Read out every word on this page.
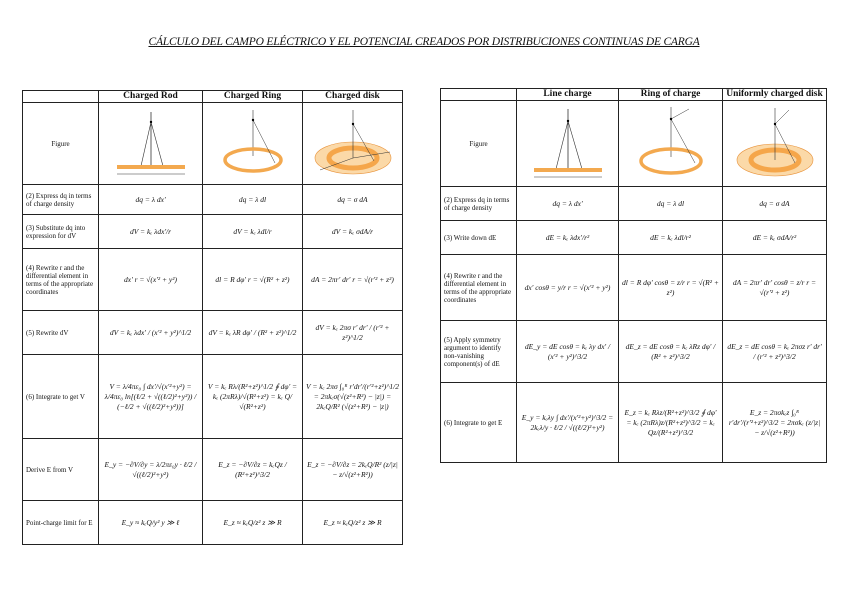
CÁLCULO DEL CAMPO ELÉCTRICO Y EL POTENCIAL CREADOS POR DISTRIBUCIONES CONTINUAS DE CARGA
	Charged Rod	Charged Ring	Charged disk
Figure	

(2) Express dq in terms of charge density	dq = λ dx'	dq = λ dl	dq = σ dA
(3) Substitute dq into expression for dV	dV = kₑ λdx'/r	dV = kₑ λdl/r	dV = kₑ σdA/r
(4) Rewrite r and the differential element in terms of the appropriate coordinates	dx' r = √(x'² + y²)	dl = R dφ' r = √(R² + z²)	dA = 2πr' dr' r = √(r'² + z²)
(5) Rewrite dV	dV = kₑ λdx' / (x'² + y²)^1/2	dV = kₑ λR dφ' / (R² + z²)^1/2	dV = kₑ 2πσ r' dr' / (r'² + z²)^1/2
(6) Integrate to get V	V = λ/4πε₀ ∫ dx'/√(x'²+y²) = λ/4πε₀ ln[(ℓ/2 + √((ℓ/2)²+y²)) / (−ℓ/2 + √((ℓ/2)²+y²))]	V = kₑ Rλ/(R²+z²)^1/2 ∮ dφ' = kₑ (2πRλ)/√(R²+z²) = kₑ Q/√(R²+z²)	V = kₑ 2πσ ∫₀ᴿ r'dr'/(r'²+z²)^1/2 = 2πkₑσ(√(z²+R²) − |z|) = 2kₑQ/R² (√(z²+R²) − |z|)
Derive E from V	E_y = −∂V/∂y = λ/2πε₀y · ℓ/2 / √((ℓ/2)²+y²)	E_z = −∂V/∂z = kₑQz / (R²+z²)^3/2	E_z = −∂V/∂z = 2kₑQ/R² (z/|z| − z/√(z²+R²))
Point-charge limit for E	E_y ≈ kₑQ/y² y ≫ ℓ	E_z ≈ kₑQ/z² z ≫ R	E_z ≈ kₑQ/z² z ≫ R
	Line charge	Ring of charge	Uniformly charged disk
Figure	

(2) Express dq in terms of charge density	dq = λ dx'	dq = λ dl	dq = σ dA
(3) Write down dE	dE = kₑ λdx'/r²	dE = kₑ λdl/r²	dE = kₑ σdA/r²
(4) Rewrite r and the differential element in terms of the appropriate coordinates	dx' cosθ = y/r r = √(x'² + y²)	dl = R dφ' cosθ = z/r r = √(R² + z²)	dA = 2πr' dr' cosθ = z/r r = √(r'² + z²)
(5) Apply symmetry argument to identify non-vanishing component(s) of dE	dE_y = dE cosθ = kₑ λy dx' / (x'² + y²)^3/2	dE_z = dE cosθ = kₑ λRz dφ' / (R² + z²)^3/2	dE_z = dE cosθ = kₑ 2πσz r' dr' / (r'² + z²)^3/2
(6) Integrate to get E	E_y = kₑλy ∫ dx'/(x'²+y²)^3/2 = 2kₑλ/y · ℓ/2 / √((ℓ/2)²+y²)	E_z = kₑ Rλz/(R²+z²)^3/2 ∮ dφ' = kₑ (2πRλ)z/(R²+z²)^3/2 = kₑ Qz/(R²+z²)^3/2	E_z = 2πσkₑz ∫₀ᴿ r'dr'/(r'²+z²)^3/2 = 2πσkₑ (z/|z| − z/√(z²+R²))
